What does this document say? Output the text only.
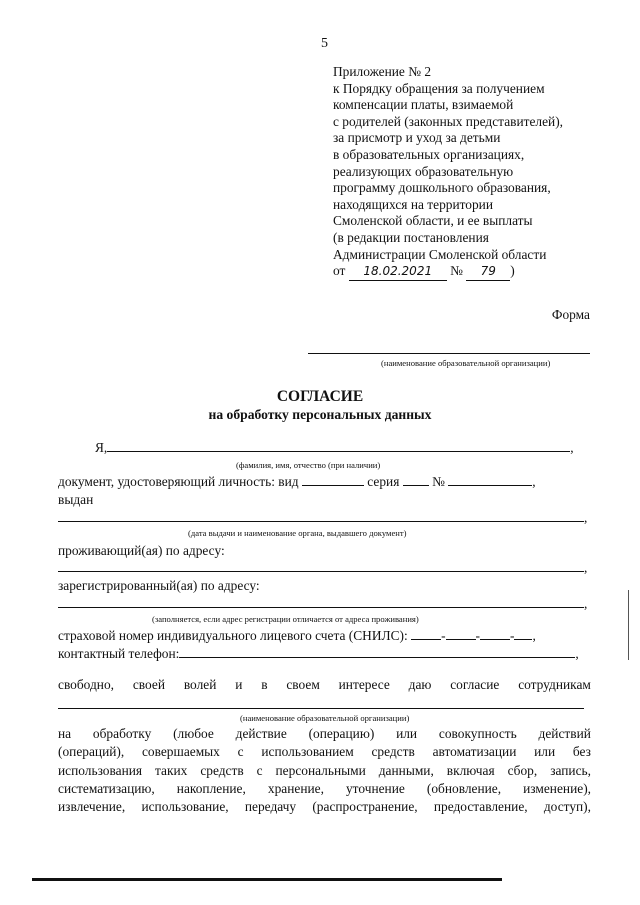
5
Приложение № 2
к Порядку обращения за получением
компенсации платы, взимаемой
с родителей (законных представителей),
за присмотр и уход за детьми
в образовательных организациях,
реализующих образовательную
программу дошкольного образования,
находящихся на территории
Смоленской области, и ее выплаты
(в редакции постановления
Администрации Смоленской области
от 18.02.2021 № 79 )
Форма
(наименование образовательной организации)
СОГЛАСИЕ
на обработку персональных данных
Я,	,
(фамилия, имя, отчество (при наличии)
документ, удостоверяющий личность: вид	серия №	,
выдан
,
(дата выдачи и наименование органа, выдавшего документ)
проживающий(ая) по адресу:
,
зарегистрированный(ая) по адресу:
,
(заполняется, если адрес регистрации отличается от адреса проживания)
страховой номер индивидуального лицевого счета (СНИЛС): - - - ,
контактный телефон:	,
свободно, своей волей и в своем интересе даю согласие сотрудникам
(наименование образовательной организации)
на обработку (любое действие (операцию) или совокупность действий
(операций), совершаемых с использованием средств автоматизации или без
использования таких средств с персональными данными, включая сбор, запись,
систематизацию, накопление, хранение, уточнение (обновление, изменение),
извлечение, использование, передачу (распространение, предоставление, доступ),
